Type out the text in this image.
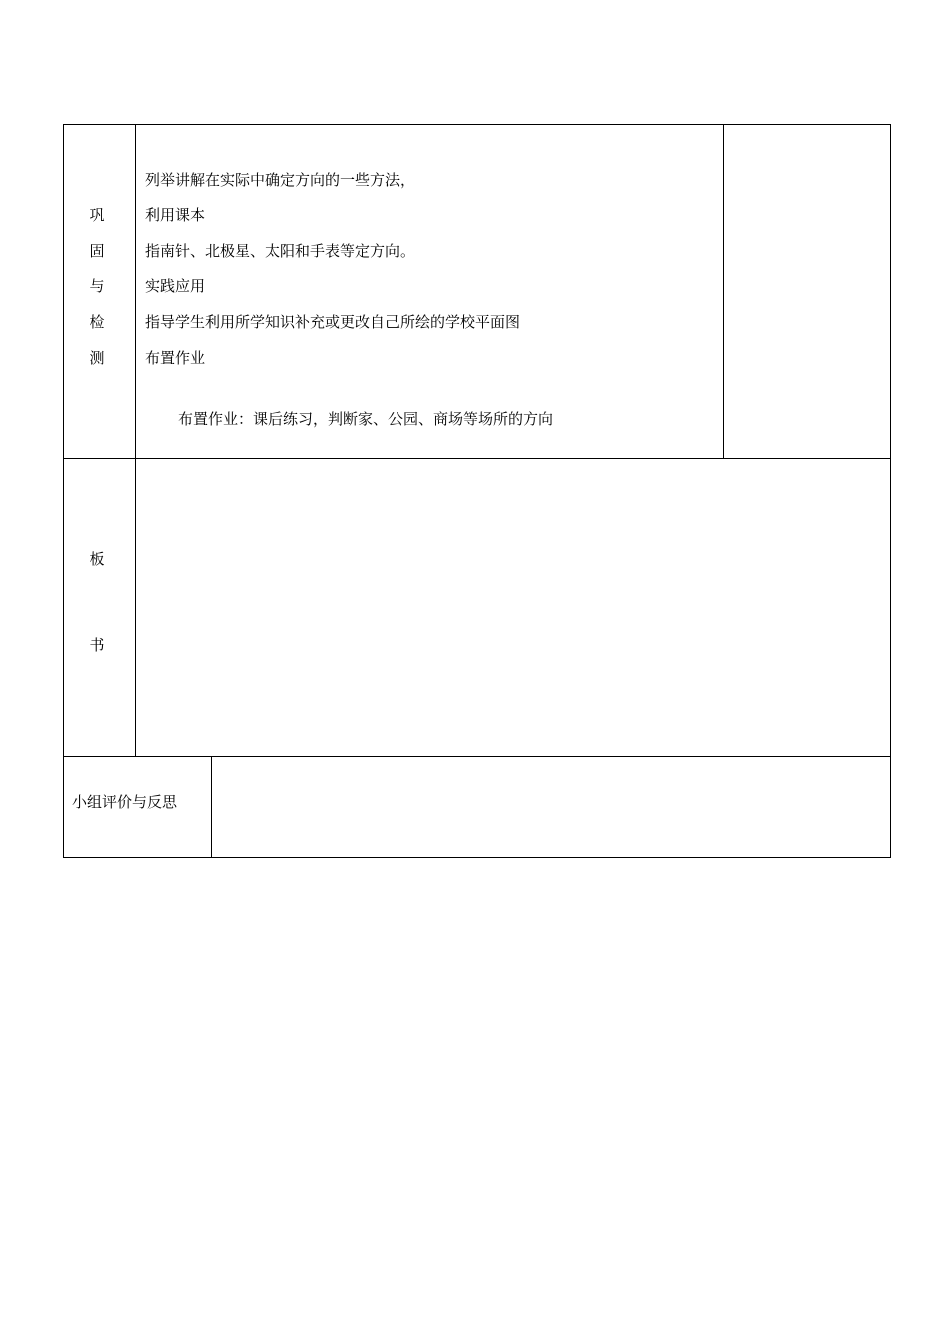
巩
固
与
检
测
列举讲解在实际中确定方向的一些方法，
利用课本
指南针、北极星、太阳和手表等定方向。
实践应用
指导学生利用所学知识补充或更改自己所绘的学校平面图
布置作业
布置作业：课后练习，判断家、公园、商场等场所的方向
板
书
小组评价与反思
